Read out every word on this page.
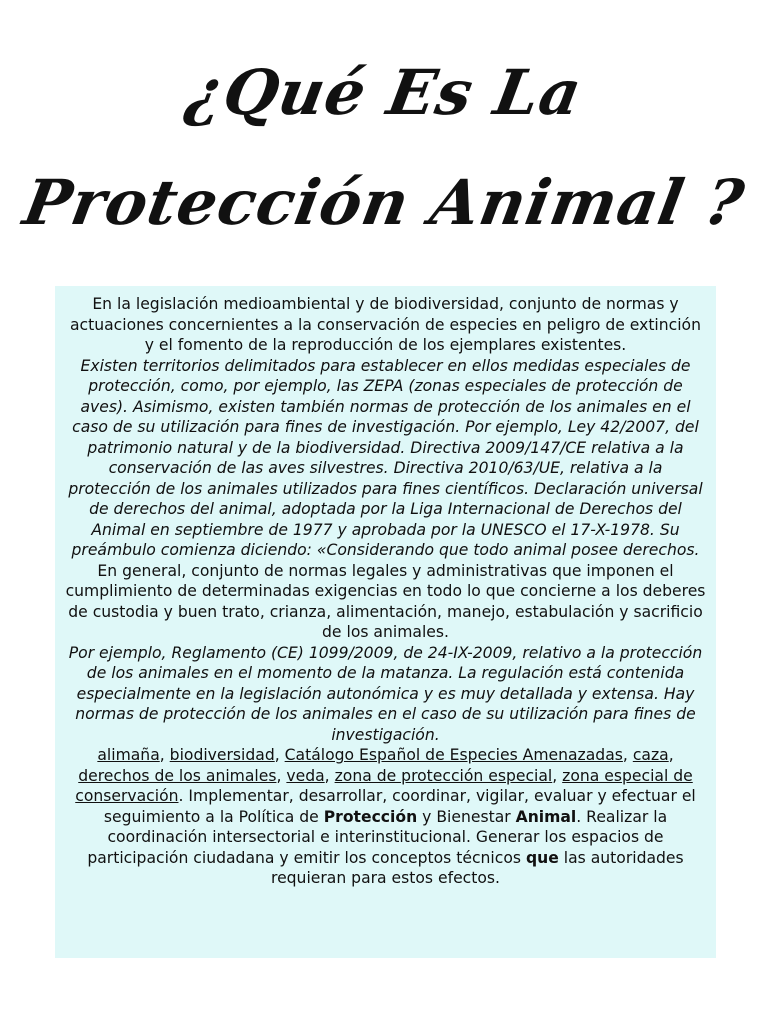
¿Qué Es La
Protección Animal ?

En la legislación medioambiental y de biodiversidad, conjunto de normas y actuaciones concernientes a la conservación de especies en peligro de extinción y el fomento de la reproducción de los ejemplares existentes.

Existen territorios delimitados para establecer en ellos medidas especiales de protección, como, por ejemplo, las ZEPA (zonas especiales de protección de aves). Asimismo, existen también normas de protección de los animales en el caso de su utilización para fines de investigación. Por ejemplo, Ley 42/2007, del patrimonio natural y de la biodiversidad. Directiva 2009/147/CE relativa a la conservación de las aves silvestres. Directiva 2010/63/UE, relativa a la protección de los animales utilizados para fines científicos. Declaración universal de derechos del animal, adoptada por la Liga Internacional de Derechos del Animal en septiembre de 1977 y aprobada por la UNESCO el 17-X-1978. Su preámbulo comienza diciendo: «Considerando que todo animal posee derechos.

En general, conjunto de normas legales y administrativas que imponen el cumplimiento de determinadas exigencias en todo lo que concierne a los deberes de custodia y buen trato, crianza, alimentación, manejo, estabulación y sacrificio de los animales.

Por ejemplo, Reglamento (CE) 1099/2009, de 24-IX-2009, relativo a la protección de los animales en el momento de la matanza. La regulación está contenida especialmente en la legislación autonómica y es muy detallada y extensa. Hay normas de protección de los animales en el caso de su utilización para fines de investigación.

alimaña, biodiversidad, Catálogo Español de Especies Amenazadas, caza, derechos de los animales, veda, zona de protección especial, zona especial de conservación. Implementar, desarrollar, coordinar, vigilar, evaluar y efectuar el seguimiento a la Política de Protección y Bienestar Animal. Realizar la coordinación intersectorial e interinstitucional. Generar los espacios de participación ciudadana y emitir los conceptos técnicos que las autoridades requieran para estos efectos.
